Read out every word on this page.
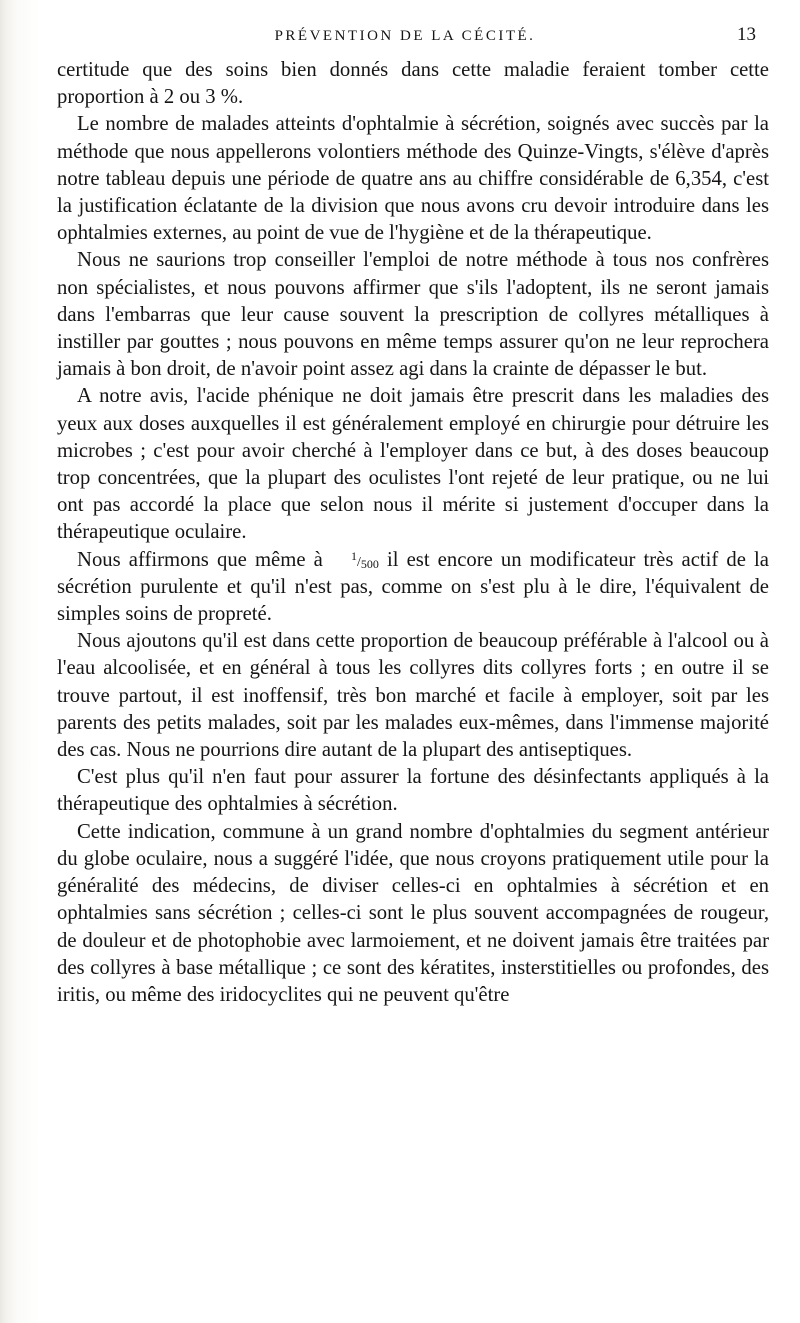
PRÉVENTION DE LA CÉCITÉ.	13

certitude que des soins bien donnés dans cette maladie feraient tomber cette proportion à 2 ou 3 %.

Le nombre de malades atteints d'ophtalmie à sécrétion, soignés avec succès par la méthode que nous appellerons volontiers méthode des Quinze-Vingts, s'élève d'après notre tableau depuis une période de quatre ans au chiffre considérable de 6,354, c'est la justification éclatante de la division que nous avons cru devoir introduire dans les ophtalmies externes, au point de vue de l'hygiène et de la thérapeutique.

Nous ne saurions trop conseiller l'emploi de notre méthode à tous nos confrères non spécialistes, et nous pouvons affirmer que s'ils l'adoptent, ils ne seront jamais dans l'embarras que leur cause souvent la prescription de collyres métalliques à instiller par gouttes ; nous pouvons en même temps assurer qu'on ne leur reprochera jamais à bon droit, de n'avoir point assez agi dans la crainte de dépasser le but.

A notre avis, l'acide phénique ne doit jamais être prescrit dans les maladies des yeux aux doses auxquelles il est généralement employé en chirurgie pour détruire les microbes ; c'est pour avoir cherché à l'employer dans ce but, à des doses beaucoup trop concentrées, que la plupart des oculistes l'ont rejeté de leur pratique, ou ne lui ont pas accordé la place que selon nous il mérite si justement d'occuper dans la thérapeutique oculaire.

Nous affirmons que même à $^1/_{500}$ il est encore un modificateur très actif de la sécrétion purulente et qu'il n'est pas, comme on s'est plu à le dire, l'équivalent de simples soins de propreté.

Nous ajoutons qu'il est dans cette proportion de beaucoup préférable à l'alcool ou à l'eau alcoolisée, et en général à tous les collyres dits collyres forts ; en outre il se trouve partout, il est inoffensif, très bon marché et facile à employer, soit par les parents des petits malades, soit par les malades eux-mêmes, dans l'immense majorité des cas. Nous ne pourrions dire autant de la plupart des antiseptiques.

C'est plus qu'il n'en faut pour assurer la fortune des désinfectants appliqués à la thérapeutique des ophtalmies à sécrétion.

Cette indication, commune à un grand nombre d'ophtalmies du segment antérieur du globe oculaire, nous a suggéré l'idée, que nous croyons pratiquement utile pour la généralité des médecins, de diviser celles-ci en ophtalmies à sécrétion et en ophtalmies sans sécrétion ; celles-ci sont le plus souvent accompagnées de rougeur, de douleur et de photophobie avec larmoiement, et ne doivent jamais être traitées par des collyres à base métallique ; ce sont des kératites, insterstitielles ou profondes, des iritis, ou même des iridocyclites qui ne peuvent qu'être
